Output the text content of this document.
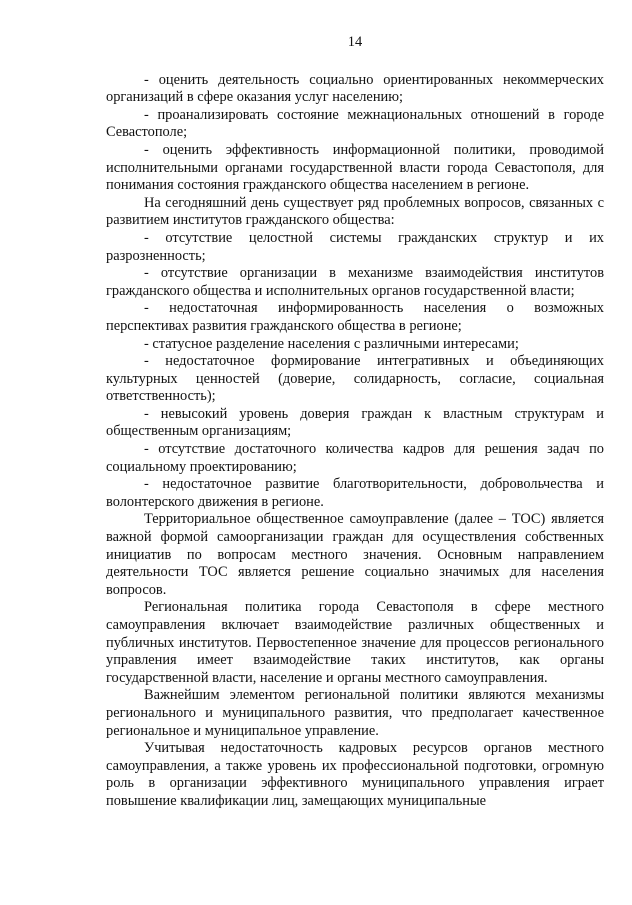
14

- оценить деятельность социально ориентированных некоммерческих организаций в сфере оказания услуг населению;

- проанализировать состояние межнациональных отношений в городе Севастополе;

- оценить эффективность информационной политики, проводимой исполнительными органами государственной власти города Севастополя, для понимания состояния гражданского общества населением в регионе.

На сегодняшний день существует ряд проблемных вопросов, связанных с развитием институтов гражданского общества:

- отсутствие целостной системы гражданских структур и их разрозненность;

- отсутствие организации в механизме взаимодействия институтов гражданского общества и исполнительных органов государственной власти;

- недостаточная информированность населения о возможных перспективах развития гражданского общества в регионе;

- статусное разделение населения с различными интересами;

- недостаточное формирование интегративных и объединяющих культурных ценностей (доверие, солидарность, согласие, социальная ответственность);

- невысокий уровень доверия граждан к властным структурам и общественным организациям;

- отсутствие достаточного количества кадров для решения задач по социальному проектированию;

- недостаточное развитие благотворительности, добровольчества и волонтерского движения в регионе.

Территориальное общественное самоуправление (далее – ТОС) является важной формой самоорганизации граждан для осуществления собственных инициатив по вопросам местного значения. Основным направлением деятельности ТОС является решение социально значимых для населения вопросов.

Региональная политика города Севастополя в сфере местного самоуправления включает взаимодействие различных общественных и публичных институтов. Первостепенное значение для процессов регионального управления имеет взаимодействие таких институтов, как органы государственной власти, население и органы местного самоуправления.

Важнейшим элементом региональной политики являются механизмы регионального и муниципального развития, что предполагает качественное региональное и муниципальное управление.

Учитывая недостаточность кадровых ресурсов органов местного самоуправления, а также уровень их профессиональной подготовки, огромную роль в организации эффективного муниципального управления играет повышение квалификации лиц, замещающих муниципальные
